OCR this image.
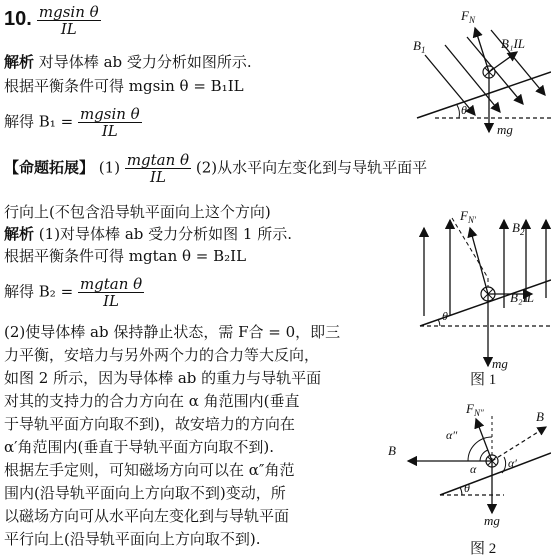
10. $\frac{\text{mgsin θ}}{IL}$
解析 对导体棒 ab 受力分析如图所示.
根据平衡条件可得 mgsin θ = B₁IL
解得 $B_1 = \frac{\text{mgsin θ}}{IL}$
【命题拓展】 $(1) \frac{\text{mgtan θ}}{IL} (2)$从水平向左变化到与导轨平面平
行向上(不包含沿导轨平面向上这个方向)
解析 (1)对导体棒 ab 受力分析如图 1 所示.
根据平衡条件可得 mgtan θ = B₂IL
解得 $B_2 = \frac{\text{mgtan θ}}{IL}$
(2)使导体棒 ab 保持静止状态，需 F合 = 0，即三
力平衡，安培力与另外两个力的合力等大反向，
如图 2 所示，因为导体棒 ab 的重力与导轨平面
对其的支持力的合力方向在 α 角范围内(垂直
于导轨平面方向取不到)，故安培力的方向在
α′角范围内(垂直于导轨平面方向取不到).
根据左手定则，可知磁场方向可以在 α″角范
围内(沿导轨平面向上方向取不到)变动，所
以磁场方向可从水平向左变化到与导轨平面
平行向上(沿导轨平面向上方向取不到).
$F_N$
$B_1$	B₁IL
θ
mg
$F_{N'}$	$B_2$
B₂IL
θ
mg
图 1
$F_{N''}$
B
B
α″
α	α′
θ
mg
图 2
